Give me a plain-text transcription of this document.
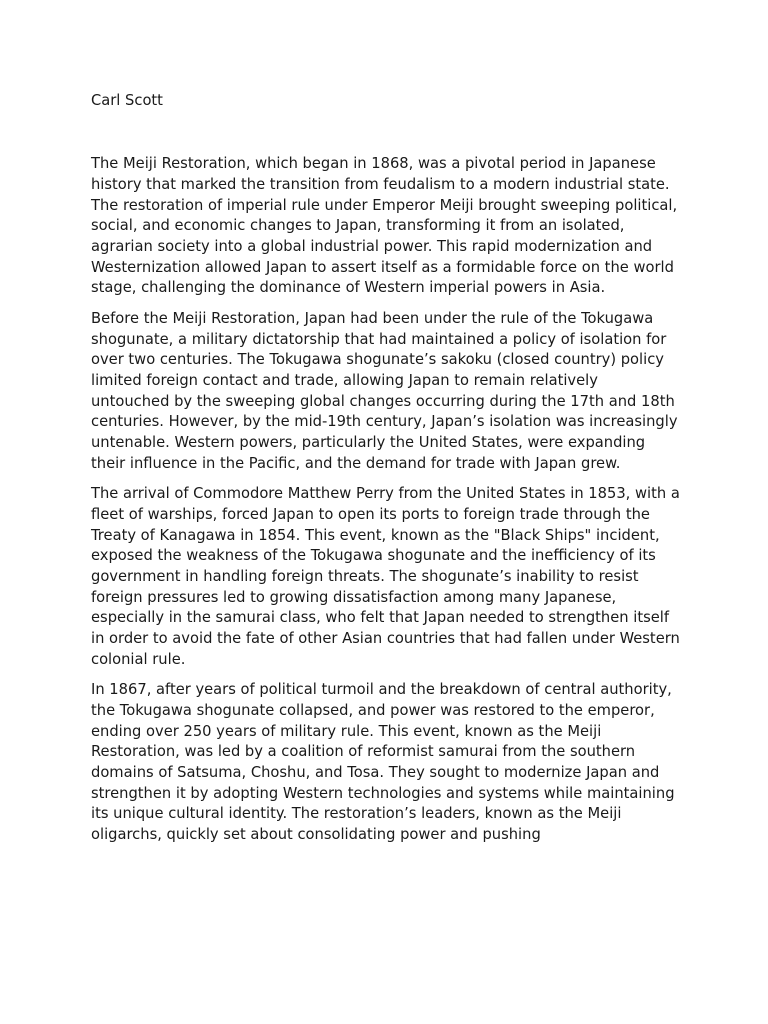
Carl Scott

The Meiji Restoration, which began in 1868, was a pivotal period in Japanese history that marked the transition from feudalism to a modern industrial state. The restoration of imperial rule under Emperor Meiji brought sweeping political, social, and economic changes to Japan, transforming it from an isolated, agrarian society into a global industrial power. This rapid modernization and Westernization allowed Japan to assert itself as a formidable force on the world stage, challenging the dominance of Western imperial powers in Asia.

Before the Meiji Restoration, Japan had been under the rule of the Tokugawa shogunate, a military dictatorship that had maintained a policy of isolation for over two centuries. The Tokugawa shogunate’s sakoku (closed country) policy limited foreign contact and trade, allowing Japan to remain relatively untouched by the sweeping global changes occurring during the 17th and 18th centuries. However, by the mid-19th century, Japan’s isolation was increasingly untenable. Western powers, particularly the United States, were expanding their influence in the Pacific, and the demand for trade with Japan grew.

The arrival of Commodore Matthew Perry from the United States in 1853, with a fleet of warships, forced Japan to open its ports to foreign trade through the Treaty of Kanagawa in 1854. This event, known as the "Black Ships" incident, exposed the weakness of the Tokugawa shogunate and the inefficiency of its government in handling foreign threats. The shogunate’s inability to resist foreign pressures led to growing dissatisfaction among many Japanese, especially in the samurai class, who felt that Japan needed to strengthen itself in order to avoid the fate of other Asian countries that had fallen under Western colonial rule.

In 1867, after years of political turmoil and the breakdown of central authority, the Tokugawa shogunate collapsed, and power was restored to the emperor, ending over 250 years of military rule. This event, known as the Meiji Restoration, was led by a coalition of reformist samurai from the southern domains of Satsuma, Choshu, and Tosa. They sought to modernize Japan and strengthen it by adopting Western technologies and systems while maintaining its unique cultural identity. The restoration’s leaders, known as the Meiji oligarchs, quickly set about consolidating power and pushing
